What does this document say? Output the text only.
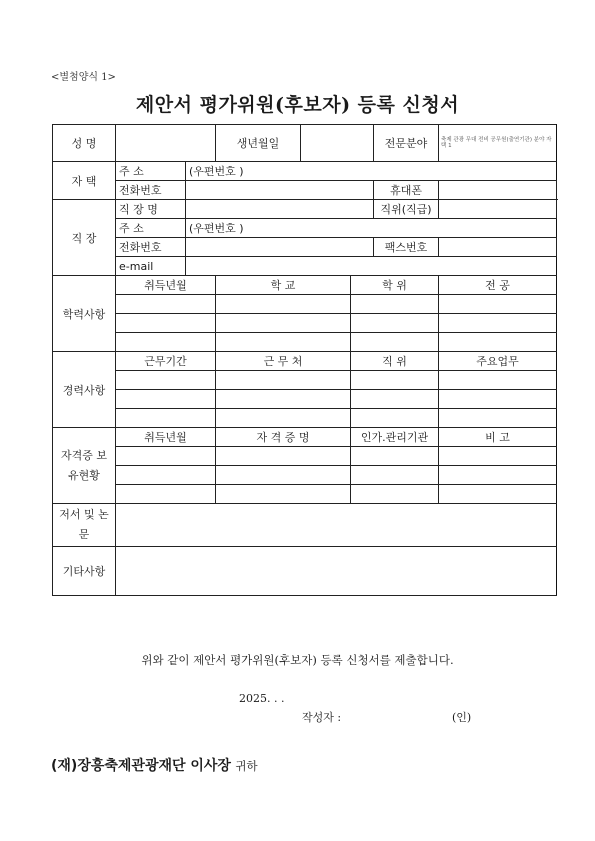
<별첨양식 1>
제안서 평가위원(후보자) 등록 신청서
성 명			생년월일			전문분야	축제 관광 무대 전비 공무원(출연기관) 분야 자 택 1
자 택	주 소	(우편번호 )					
	전화번호					휴대폰	
직 장	직 장 명					직위(직급)	
	주 소	(우편번호 )					
	전화번호					팩스번호	
	e-mail						
학력사항	취득년월		학 교		학 위		전 공

경력사항	근무기간		근 무 처		직 위		주요업무

자격증 보유현황	취득년월		자 격 증 명		인가.관리기관		비 고

저서 및 논문							
기타사항							
위와 같이 제안서 평가위원(후보자) 등록 신청서를 제출합니다.
2025. . .
작성자 :	(인)
(재)장흥축제관광재단 이사장 귀하
